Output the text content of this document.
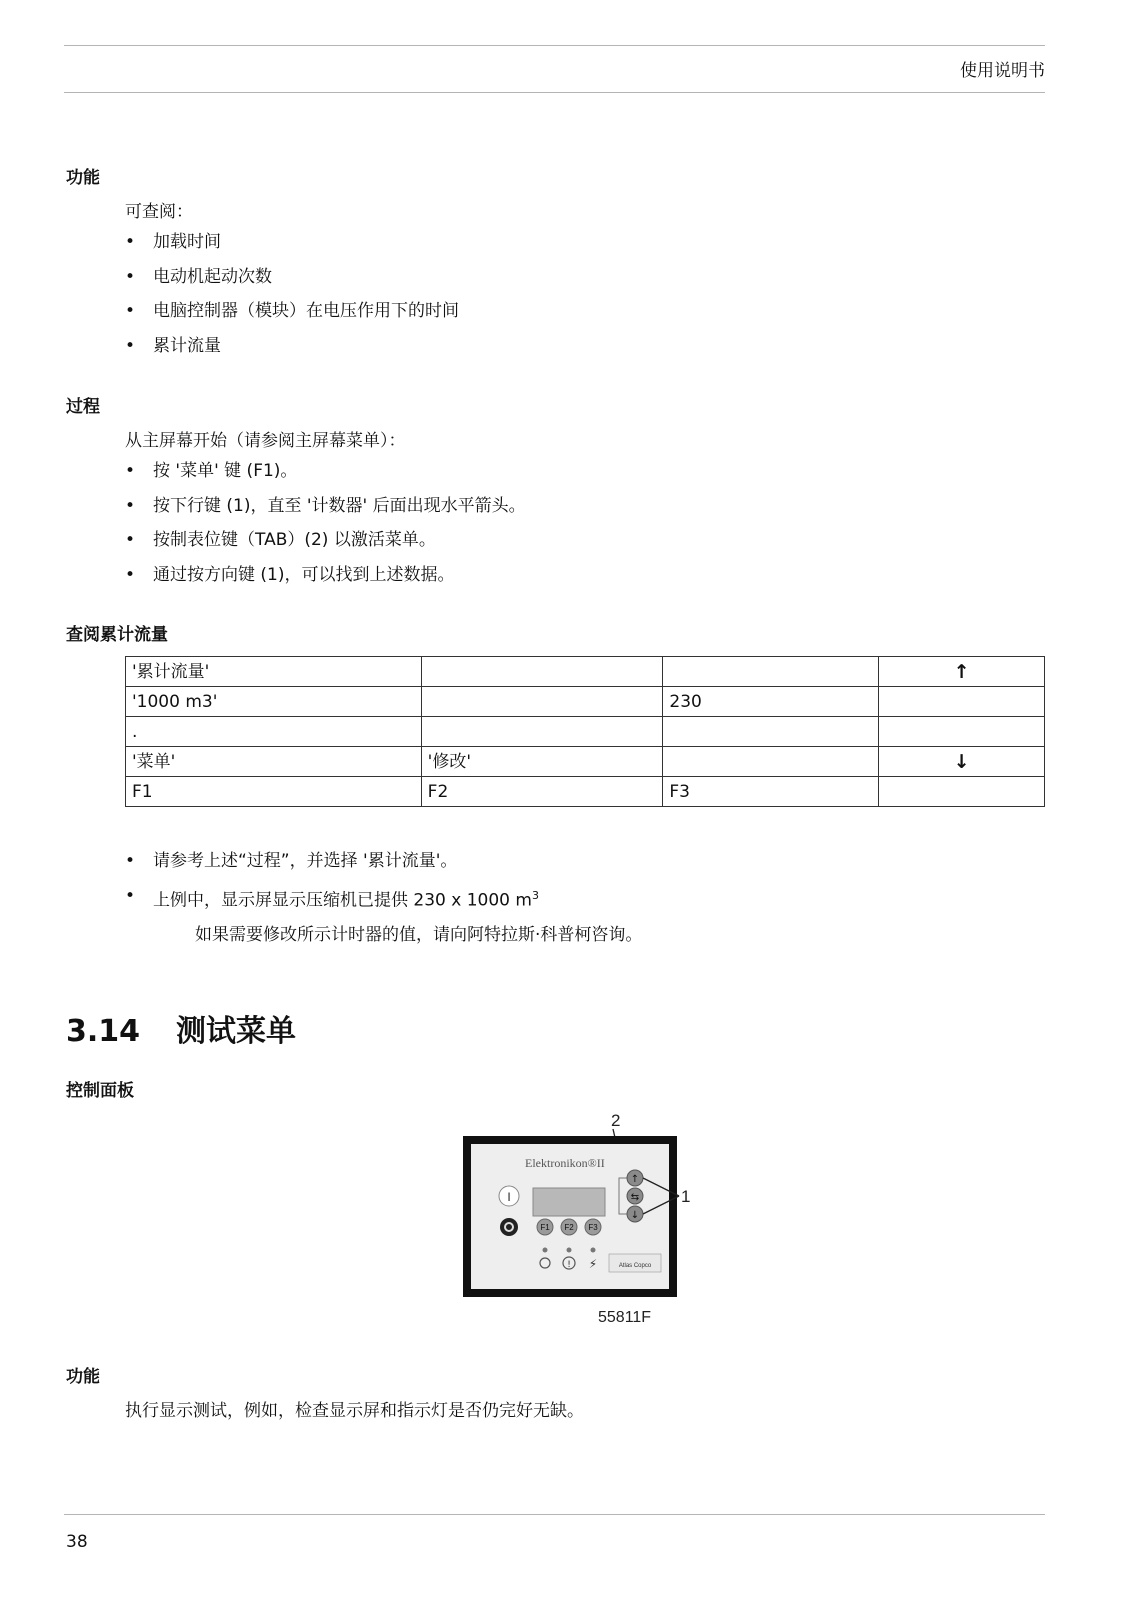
使用说明书
功能
可查阅：
• 加载时间
• 电动机起动次数
• 电脑控制器（模块）在电压作用下的时间
• 累计流量
过程
从主屏幕开始（请参阅主屏幕菜单）：
• 按 '菜单' 键 (F1)。
• 按下行键 (1)，直至 '计数器' 后面出现水平箭头。
• 按制表位键（TAB）(2) 以激活菜单。
• 通过按方向键 (1)，可以找到上述数据。
查阅累计流量
'累计流量'			↑
'1000 m3'		230	
.			
'菜单'	'修改'		↓
F1	F2	F3	
• 请参考上述“过程”，并选择 '累计流量'。
• 上例中，显示屏显示压缩机已提供 230 x 1000 $m^3$
如果需要修改所示计时器的值，请向阿特拉斯·科普柯咨询。
3.14 测试菜单
控制面板
2
Elektronikon®II
↑
⇆
↓
1
I
F1 F2 F3
! ⚡	Atlas Copco
55811F
功能
执行显示测试，例如，检查显示屏和指示灯是否仍完好无缺。
38
